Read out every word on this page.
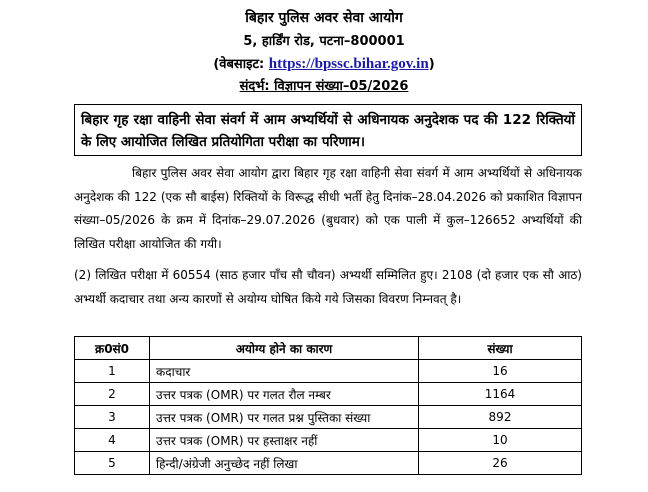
बिहार पुलिस अवर सेवा आयोग
5, हार्डिंग रोड, पटना–800001
(वेबसाइट: https://bpssc.bihar.gov.in)
संदर्भ: विज्ञापन संख्या–05/2026
बिहार गृह रक्षा वाहिनी सेवा संवर्ग में आम अभ्यर्थियों से अधिनायक अनुदेशक पद की 122 रिक्तियों के लिए आयोजित लिखित प्रतियोगिता परीक्षा का परिणाम।
बिहार पुलिस अवर सेवा आयोग द्वारा बिहार गृह रक्षा वाहिनी सेवा संवर्ग में आम अभ्यर्थियों से अधिनायक अनुदेशक की 122 (एक सौ बाईस) रिक्तियों के विरूद्ध सीधी भर्ती हेतु दिनांक–28.04.2026 को प्रकाशित विज्ञापन संख्या–05/2026 के क्रम में दिनांक–29.07.2026 (बुधवार) को एक पाली में कुल–126652 अभ्यर्थियों की लिखित परीक्षा आयोजित की गयी।
(2) लिखित परीक्षा में 60554 (साठ हजार पाँच सौ चौवन) अभ्यर्थी सम्मिलित हुए। 2108 (दो हजार एक सौ आठ) अभ्यर्थी कदाचार तथा अन्य कारणों से अयोग्य घोषित किये गये जिसका विवरण निम्नवत् है।
क्र0सं0	अयोग्य होने का कारण	संख्या
1	कदाचार	16
2	उत्तर पत्रक (OMR) पर गलत रौल नम्बर	1164
3	उत्तर पत्रक (OMR) पर गलत प्रश्न पुस्तिका संख्या	892
4	उत्तर पत्रक (OMR) पर हस्ताक्षर नहीं	10
5	हिन्दी/अंग्रेजी अनुच्छेद नहीं लिखा	26
